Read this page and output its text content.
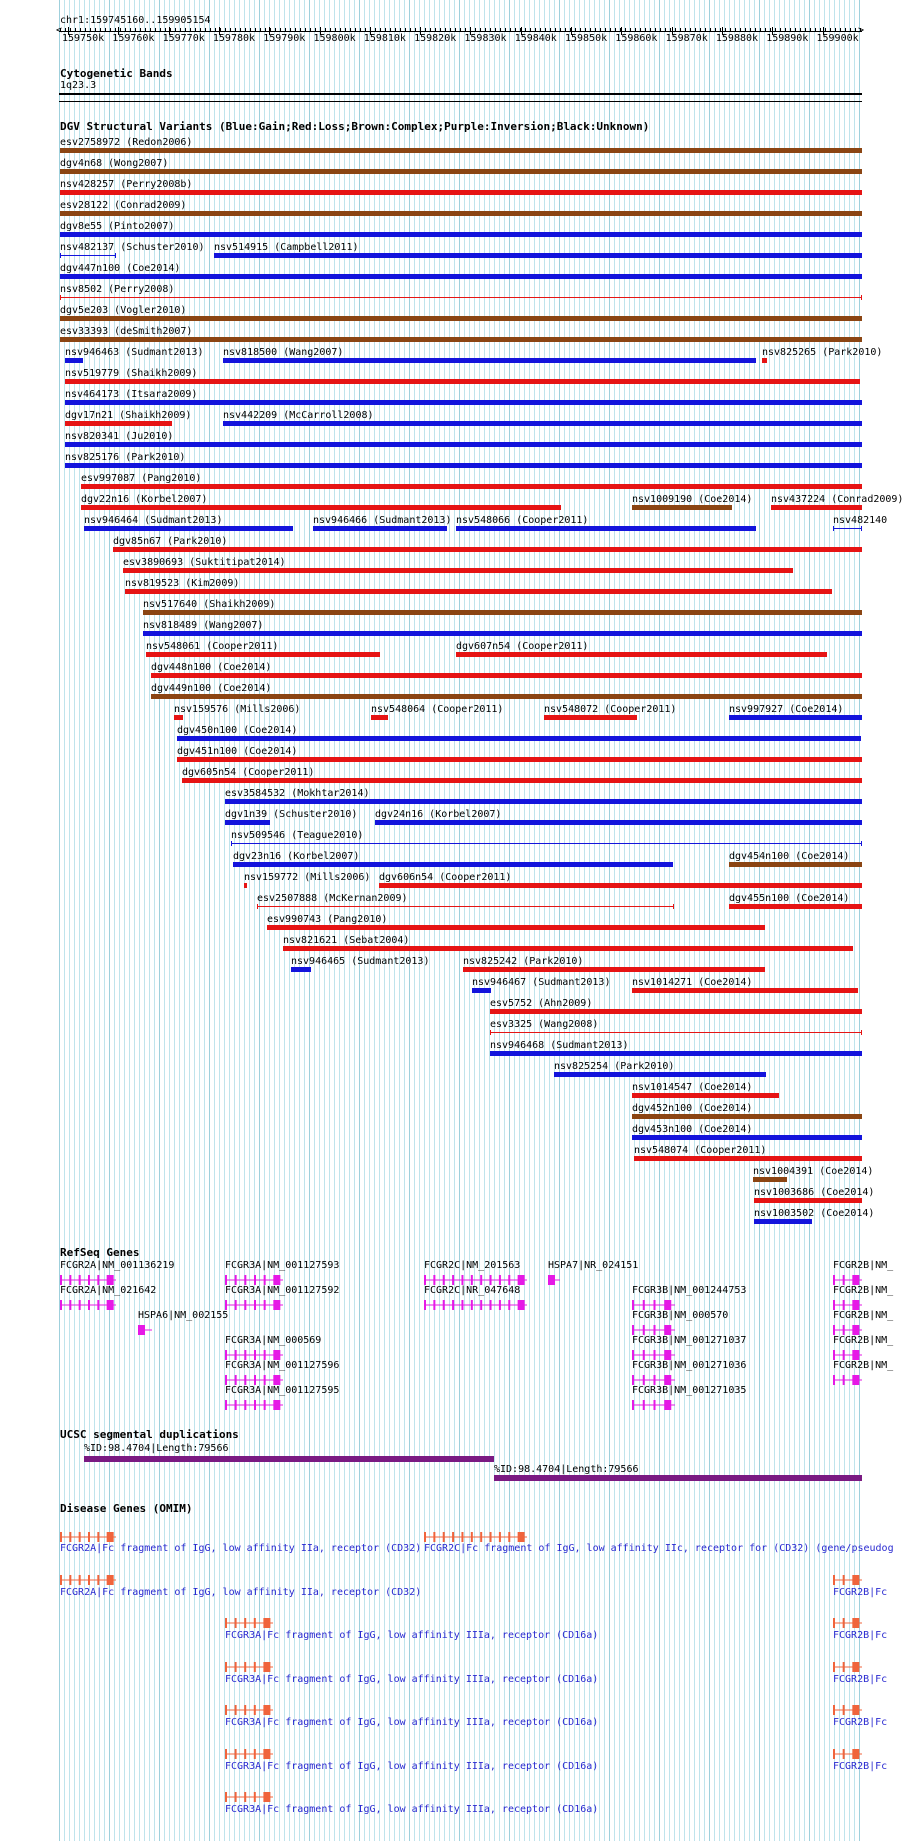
chr1:159745160..159905154
159750k 159760k 159770k 159780k 159790k 159800k 159810k 159820k 159830k 159840k 159850k 159860k 159870k 159880k 159890k 159900k
<	>
Cytogenetic Bands
1q23.3
DGV Structural Variants (Blue:Gain;Red:Loss;Brown:Complex;Purple:Inversion;Black:Unknown)
esv2758972 (Redon2006)
dgv4n68 (Wong2007)
nsv428257 (Perry2008b)
esv28122 (Conrad2009)
dgv8e55 (Pinto2007)
nsv482137 (Schuster2010) nsv514915 (Campbell2011)
dgv447n100 (Coe2014)
nsv8502 (Perry2008)
dgv5e203 (Vogler2010)
esv33393 (deSmith2007)
nsv946463 (Sudmant2013) nsv818500 (Wang2007)	nsv825265 (Park2010)
nsv519779 (Shaikh2009)
nsv464173 (Itsara2009)
dgv17n21 (Shaikh2009)	nsv442209 (McCarroll2008)
nsv820341 (Ju2010)
nsv825176 (Park2010)
esv997087 (Pang2010)
dgv22n16 (Korbel2007)	nsv1009190 (Coe2014) nsv437224 (Conrad2009)
nsv946464 (Sudmant2013)	nsv946466 (Sudmant2013) nsv548066 (Cooper2011)	nsv482140
dgv85n67 (Park2010)
esv3890693 (Suktitipat2014)
nsv819523 (Kim2009)
nsv517640 (Shaikh2009)
nsv818489 (Wang2007)
nsv548061 (Cooper2011)	dgv607n54 (Cooper2011)
dgv448n100 (Coe2014)
dgv449n100 (Coe2014)
nsv159576 (Mills2006)	nsv548064 (Cooper2011)	nsv548072 (Cooper2011)	nsv997927 (Coe2014)
dgv450n100 (Coe2014)
dgv451n100 (Coe2014)
dgv605n54 (Cooper2011)
esv3584532 (Mokhtar2014)
dgv1n39 (Schuster2010) dgv24n16 (Korbel2007)
nsv509546 (Teague2010)
dgv23n16 (Korbel2007)	dgv454n100 (Coe2014)
nsv159772 (Mills2006) dgv606n54 (Cooper2011)
esv2507888 (McKernan2009)	dgv455n100 (Coe2014)
esv990743 (Pang2010)
nsv821621 (Sebat2004)
nsv946465 (Sudmant2013)	nsv825242 (Park2010)
nsv946467 (Sudmant2013) nsv1014271 (Coe2014)
esv5752 (Ahn2009)
esv3325 (Wang2008)
nsv946468 (Sudmant2013)
nsv825254 (Park2010)
nsv1014547 (Coe2014)
dgv452n100 (Coe2014)
dgv453n100 (Coe2014)
nsv548074 (Cooper2011)
nsv1004391 (Coe2014)
nsv1003686 (Coe2014)
nsv1003502 (Coe2014)
RefSeq Genes
FCGR2A|NM_001136219	FCGR3A|NM_001127593	FCGR2C|NM_201563	HSPA7|NR_024151	FCGR2B|NM_
FCGR2A|NM_021642	FCGR3A|NM_001127592	FCGR2C|NR_047648	FCGR3B|NM_001244753	FCGR2B|NM_
HSPA6|NM_002155	FCGR3B|NM_000570	FCGR2B|NM_
FCGR3A|NM_000569	FCGR3B|NM_001271037	FCGR2B|NM_
FCGR3A|NM_001127596	FCGR3B|NM_001271036	FCGR2B|NM_
FCGR3A|NM_001127595	FCGR3B|NM_001271035
UCSC segmental duplications
%ID:98.4704|Length:79566
%ID:98.4704|Length:79566
Disease Genes (OMIM)
FCGR2A|Fc fragment of IgG, low affinity IIa, receptor (CD32) FCGR2C|Fc fragment of IgG, low affinity IIc, receptor for (CD32) (gene/pseudog
FCGR2A|Fc fragment of IgG, low affinity IIa, receptor (CD32)	FCGR2B|Fc
FCGR3A|Fc fragment of IgG, low affinity IIIa, receptor (CD16a)	FCGR2B|Fc
FCGR3A|Fc fragment of IgG, low affinity IIIa, receptor (CD16a)	FCGR2B|Fc
FCGR3A|Fc fragment of IgG, low affinity IIIa, receptor (CD16a)	FCGR2B|Fc
FCGR3A|Fc fragment of IgG, low affinity IIIa, receptor (CD16a)	FCGR2B|Fc
FCGR3A|Fc fragment of IgG, low affinity IIIa, receptor (CD16a)
